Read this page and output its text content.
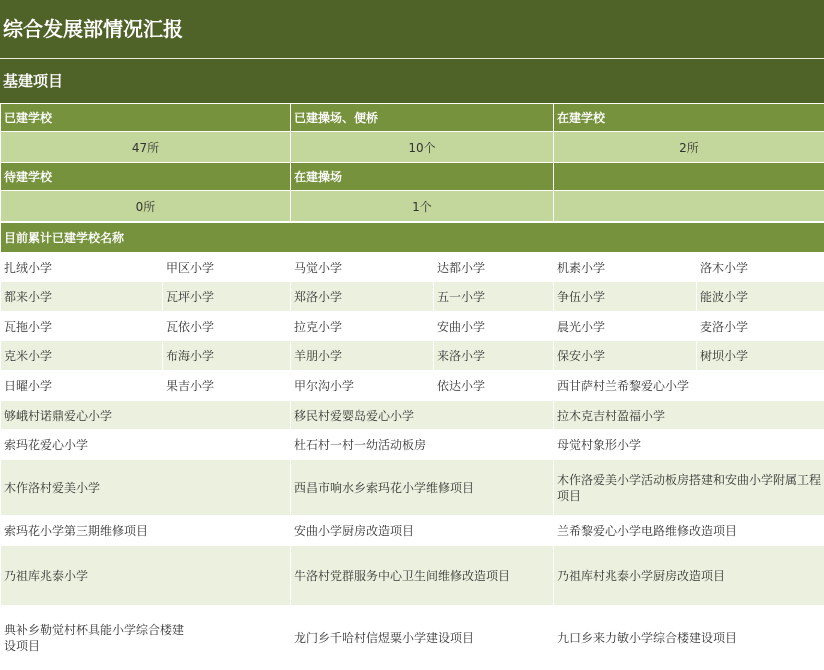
综合发展部情况汇报
基建项目
已建学校	已建操场、便桥	在建学校
47所	10个	2所
待建学校	在建操场	
0所	1个	
目前累计已建学校名称					
扎绒小学	甲区小学	马觉小学	达都小学	机素小学	洛木小学
都来小学	瓦坪小学	郑洛小学	五一小学	争伍小学	能波小学
瓦拖小学	瓦依小学	拉克小学	安曲小学	晨光小学	麦洛小学
克米小学	布海小学	羊朋小学	来洛小学	保安小学	树坝小学
日曜小学	果吉小学	甲尔沟小学	依达小学	西甘萨村兰希黎爱心小学	
够峨村诺鼎爱心小学	移民村爱婴岛爱心小学	拉木克吉村盈福小学
索玛花爱心小学	杜石村一村一幼活动板房	母觉村象形小学
木作洛村爱美小学	西昌市响水乡索玛花小学维修项目	木作洛爱美小学活动板房搭建和安曲小学附属工程项目
索玛花小学第三期维修项目	安曲小学厨房改造项目	兰希黎爱心小学电路维修改造项目
乃祖库兆泰小学	牛洛村党群服务中心卫生间维修改造项目	乃祖库村兆泰小学厨房改造项目
典补乡勒觉村杯具能小学综合楼建设项目	龙门乡千哈村信煜粟小学建设项目	九口乡来力敏小学综合楼建设项目
